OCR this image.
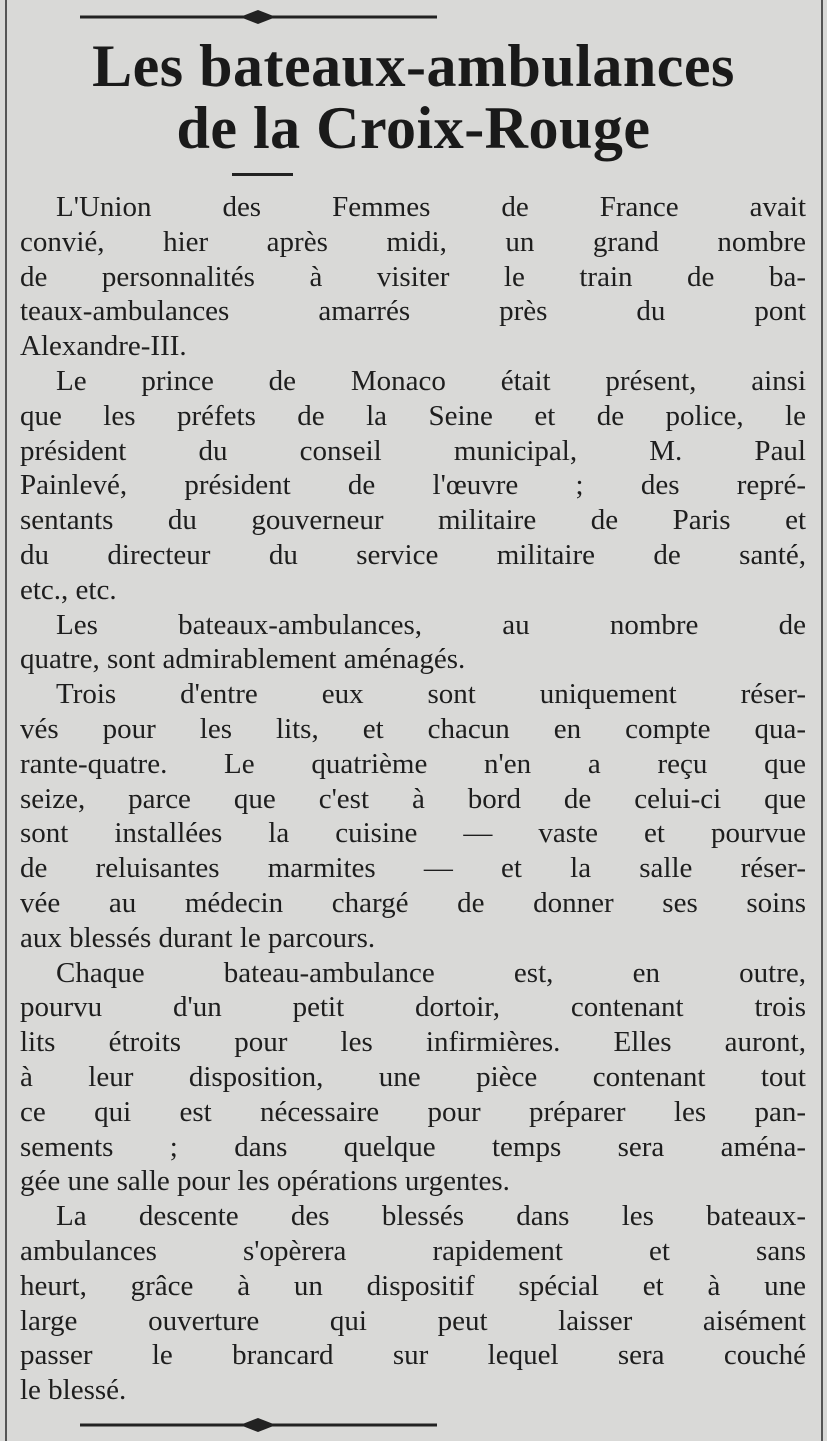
Les bateaux-ambulances
de la Croix-Rouge
L'Union des Femmes de France avait
convié, hier après midi, un grand nombre
de personnalités à visiter le train de ba-
teaux-ambulances amarrés près du pont
Alexandre-III.
Le prince de Monaco était présent, ainsi
que les préfets de la Seine et de police, le
président du conseil municipal, M. Paul
Painlevé, président de l'œuvre ; des repré-
sentants du gouverneur militaire de Paris et
du directeur du service militaire de santé,
etc., etc.
Les bateaux-ambulances, au nombre de
quatre, sont admirablement aménagés.
Trois d'entre eux sont uniquement réser-
vés pour les lits, et chacun en compte qua-
rante-quatre. Le quatrième n'en a reçu que
seize, parce que c'est à bord de celui-ci que
sont installées la cuisine — vaste et pourvue
de reluisantes marmites — et la salle réser-
vée au médecin chargé de donner ses soins
aux blessés durant le parcours.
Chaque bateau-ambulance est, en outre,
pourvu d'un petit dortoir, contenant trois
lits étroits pour les infirmières. Elles auront,
à leur disposition, une pièce contenant tout
ce qui est nécessaire pour préparer les pan-
sements ; dans quelque temps sera aména-
gée une salle pour les opérations urgentes.
La descente des blessés dans les bateaux-
ambulances s'opèrera rapidement et sans
heurt, grâce à un dispositif spécial et à une
large ouverture qui peut laisser aisément
passer le brancard sur lequel sera couché
le blessé.
